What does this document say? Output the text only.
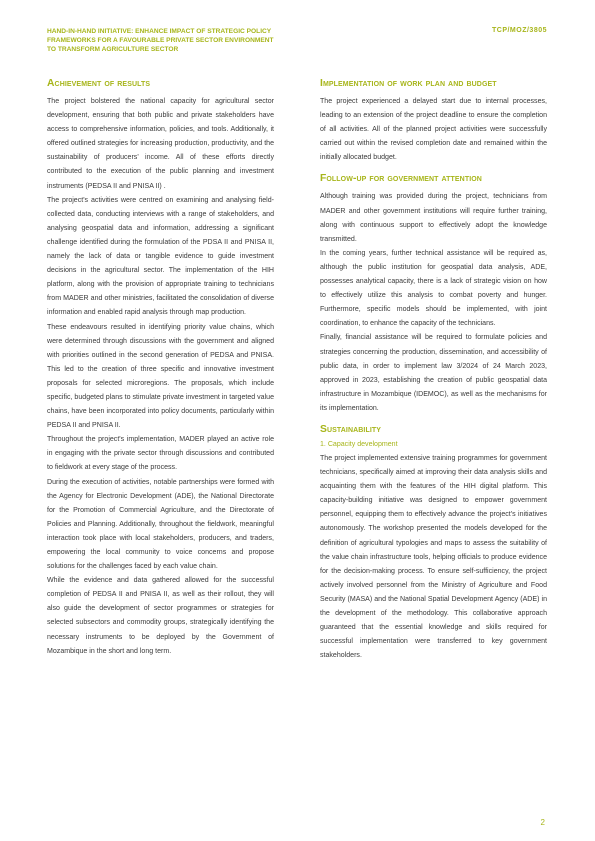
HAND-IN-HAND INITIATIVE: ENHANCE IMPACT OF STRATEGIC POLICY
FRAMEWORKS FOR A FAVOURABLE PRIVATE SECTOR ENVIRONMENT
TO TRANSFORM AGRICULTURE SECTOR
TCP/MOZ/3805
Achievement of results

The project bolstered the national capacity for agricultural sector development, ensuring that both public and private stakeholders have access to comprehensive information, policies, and tools. Additionally, it offered outlined strategies for increasing production, productivity, and the sustainability of producers' income. All of these efforts directly contributed to the execution of the public planning and investment instruments (PEDSA II and PNISA II) .

The project's activities were centred on examining and analysing field-collected data, conducting interviews with a range of stakeholders, and analysing geospatial data and information, addressing a significant challenge identified during the formulation of the PDSA II and PNISA II, namely the lack of data or tangible evidence to guide investment decisions in the agricultural sector. The implementation of the HIH platform, along with the provision of appropriate training to technicians from MADER and other ministries, facilitated the consolidation of diverse information and enabled rapid analysis through map production.

These endeavours resulted in identifying priority value chains, which were determined through discussions with the government and aligned with priorities outlined in the second generation of PEDSA and PNISA. This led to the creation of three specific and innovative investment proposals for selected microregions. The proposals, which include specific, budgeted plans to stimulate private investment in targeted value chains, have been incorporated into policy documents, particularly within PEDSA II and PNISA II.

Throughout the project's implementation, MADER played an active role in engaging with the private sector through discussions and contributed to fieldwork at every stage of the process.

During the execution of activities, notable partnerships were formed with the Agency for Electronic Development (ADE), the National Directorate for the Promotion of Commercial Agriculture, and the Directorate of Policies and Planning. Additionally, throughout the fieldwork, meaningful interaction took place with local stakeholders, producers, and traders, empowering the local community to voice concerns and propose solutions for the challenges faced by each value chain.

While the evidence and data gathered allowed for the successful completion of PEDSA II and PNISA II, as well as their rollout, they will also guide the development of sector programmes or strategies for selected subsectors and commodity groups, strategically identifying the necessary instruments to be deployed by the Government of Mozambique in the short and long term.

Implementation of work plan and budget

The project experienced a delayed start due to internal processes, leading to an extension of the project deadline to ensure the completion of all activities. All of the planned project activities were successfully carried out within the revised completion date and remained within the initially allocated budget.

Follow-up for government attention

Although training was provided during the project, technicians from MADER and other government institutions will require further training, along with continuous support to effectively adopt the knowledge transmitted.

In the coming years, further technical assistance will be required as, although the public institution for geospatial data analysis, ADE, possesses analytical capacity, there is a lack of strategic vision on how to effectively utilize this analysis to combat poverty and hunger. Furthermore, specific models should be implemented, with joint coordination, to enhance the capacity of the technicians.

Finally, financial assistance will be required to formulate policies and strategies concerning the production, dissemination, and accessibility of public data, in order to implement law 3/2024 of 24 March 2023, approved in 2023, establishing the creation of public geospatial data infrastructure in Mozambique (IDEMOC), as well as the mechanisms for its implementation.

Sustainability
1. Capacity development

The project implemented extensive training programmes for government technicians, specifically aimed at improving their data analysis skills and acquainting them with the features of the HIH digital platform. This capacity-building initiative was designed to empower government personnel, equipping them to effectively advance the project's initiatives autonomously. The workshop presented the models developed for the definition of agricultural typologies and maps to assess the suitability of the value chain infrastructure tools, helping officials to produce evidence for the decision-making process. To ensure self-sufficiency, the project actively involved personnel from the Ministry of Agriculture and Food Security (MASA) and the National Spatial Development Agency (ADE) in the development of the methodology. This collaborative approach guaranteed that the essential knowledge and skills required for successful implementation were transferred to key government stakeholders.

2
